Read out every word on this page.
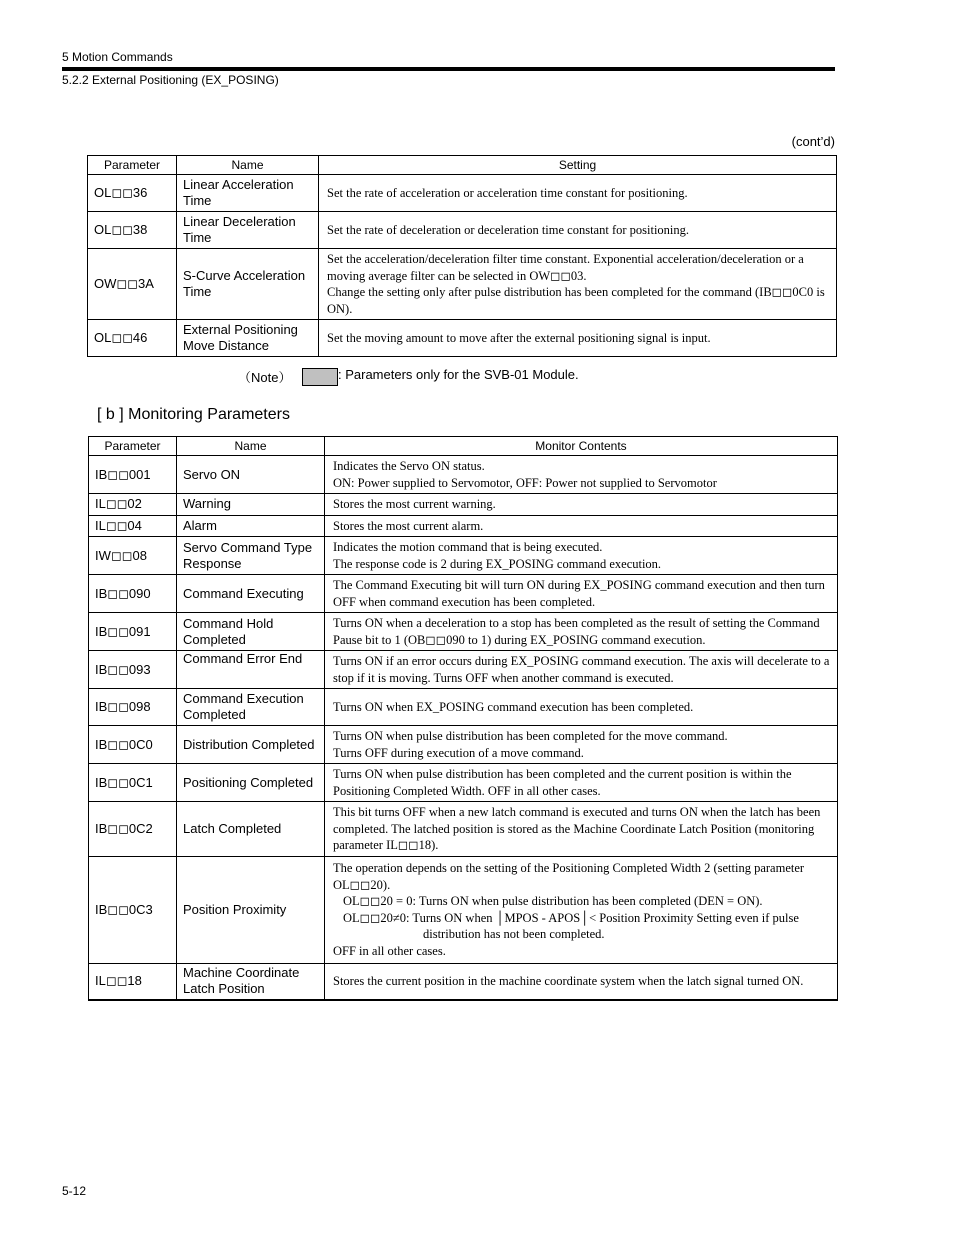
5 Motion Commands
5.2.2 External Positioning (EX_POSING)
(cont’d)
Parameter	Name	Setting
OL◻◻36	Linear Acceleration Time	Set the rate of acceleration or acceleration time constant for positioning.

OL◻◻38	Linear Deceleration Time	Set the rate of deceleration or deceleration time constant for positioning.

OW◻◻3A	S-Curve Acceleration Time	Set the acceleration/deceleration filter time constant. Exponential acceleration/deceleration or a moving average filter can be selected in OW◻◻03.
Change the setting only after pulse distribution has been completed for the command (IB◻◻0C0 is ON).

OL◻◻46	External Positioning Move Distance	Set the moving amount to move after the external positioning signal is input.
（Note）	: Parameters only for the SVB-01 Module.
[ b ] Monitoring Parameters
Parameter	Name	Monitor Contents
IB◻◻001	Servo ON	Indicates the Servo ON status.
ON: Power supplied to Servomotor, OFF: Power not supplied to Servomotor

IL◻◻02	Warning	Stores the most current warning.

IL◻◻04	Alarm	Stores the most current alarm.

IW◻◻08	Servo Command Type Response	Indicates the motion command that is being executed.
The response code is 2 during EX_POSING command execution.

IB◻◻090	Command Executing	The Command Executing bit will turn ON during EX_POSING command execution and then turn OFF when command execution has been completed.

IB◻◻091	Command Hold Completed	Turns ON when a deceleration to a stop has been completed as the result of setting the Command Pause bit to 1 (OB◻◻090 to 1) during EX_POSING command execution.

IB◻◻093	Command Error End	Turns ON if an error occurs during EX_POSING command execution. The axis will decelerate to a stop if it is moving. Turns OFF when another command is executed.

IB◻◻098	Command Execution Completed	Turns ON when EX_POSING command execution has been completed.

IB◻◻0C0	Distribution Completed	Turns ON when pulse distribution has been completed for the move command.
Turns OFF during execution of a move command.

IB◻◻0C1	Positioning Completed	Turns ON when pulse distribution has been completed and the current position is within the Positioning Completed Width. OFF in all other cases.

IB◻◻0C2	Latch Completed	This bit turns OFF when a new latch command is executed and turns ON when the latch has been completed. The latched position is stored as the Machine Coordinate Latch Position (monitoring parameter IL◻◻18).

IB◻◻0C3	Position Proximity	The operation depends on the setting of the Positioning Completed Width 2 (setting parameter OL◻◻20).
OL◻◻20 = 0: Turns ON when pulse distribution has been completed (DEN = ON).
OL◻◻20≠0: Turns ON when │MPOS - APOS│< Position Proximity Setting even if pulse
distribution has not been completed.
OFF in all other cases.

IL◻◻18	Machine Coordinate Latch Position	Stores the current position in the machine coordinate system when the latch signal turned ON.
5-12
